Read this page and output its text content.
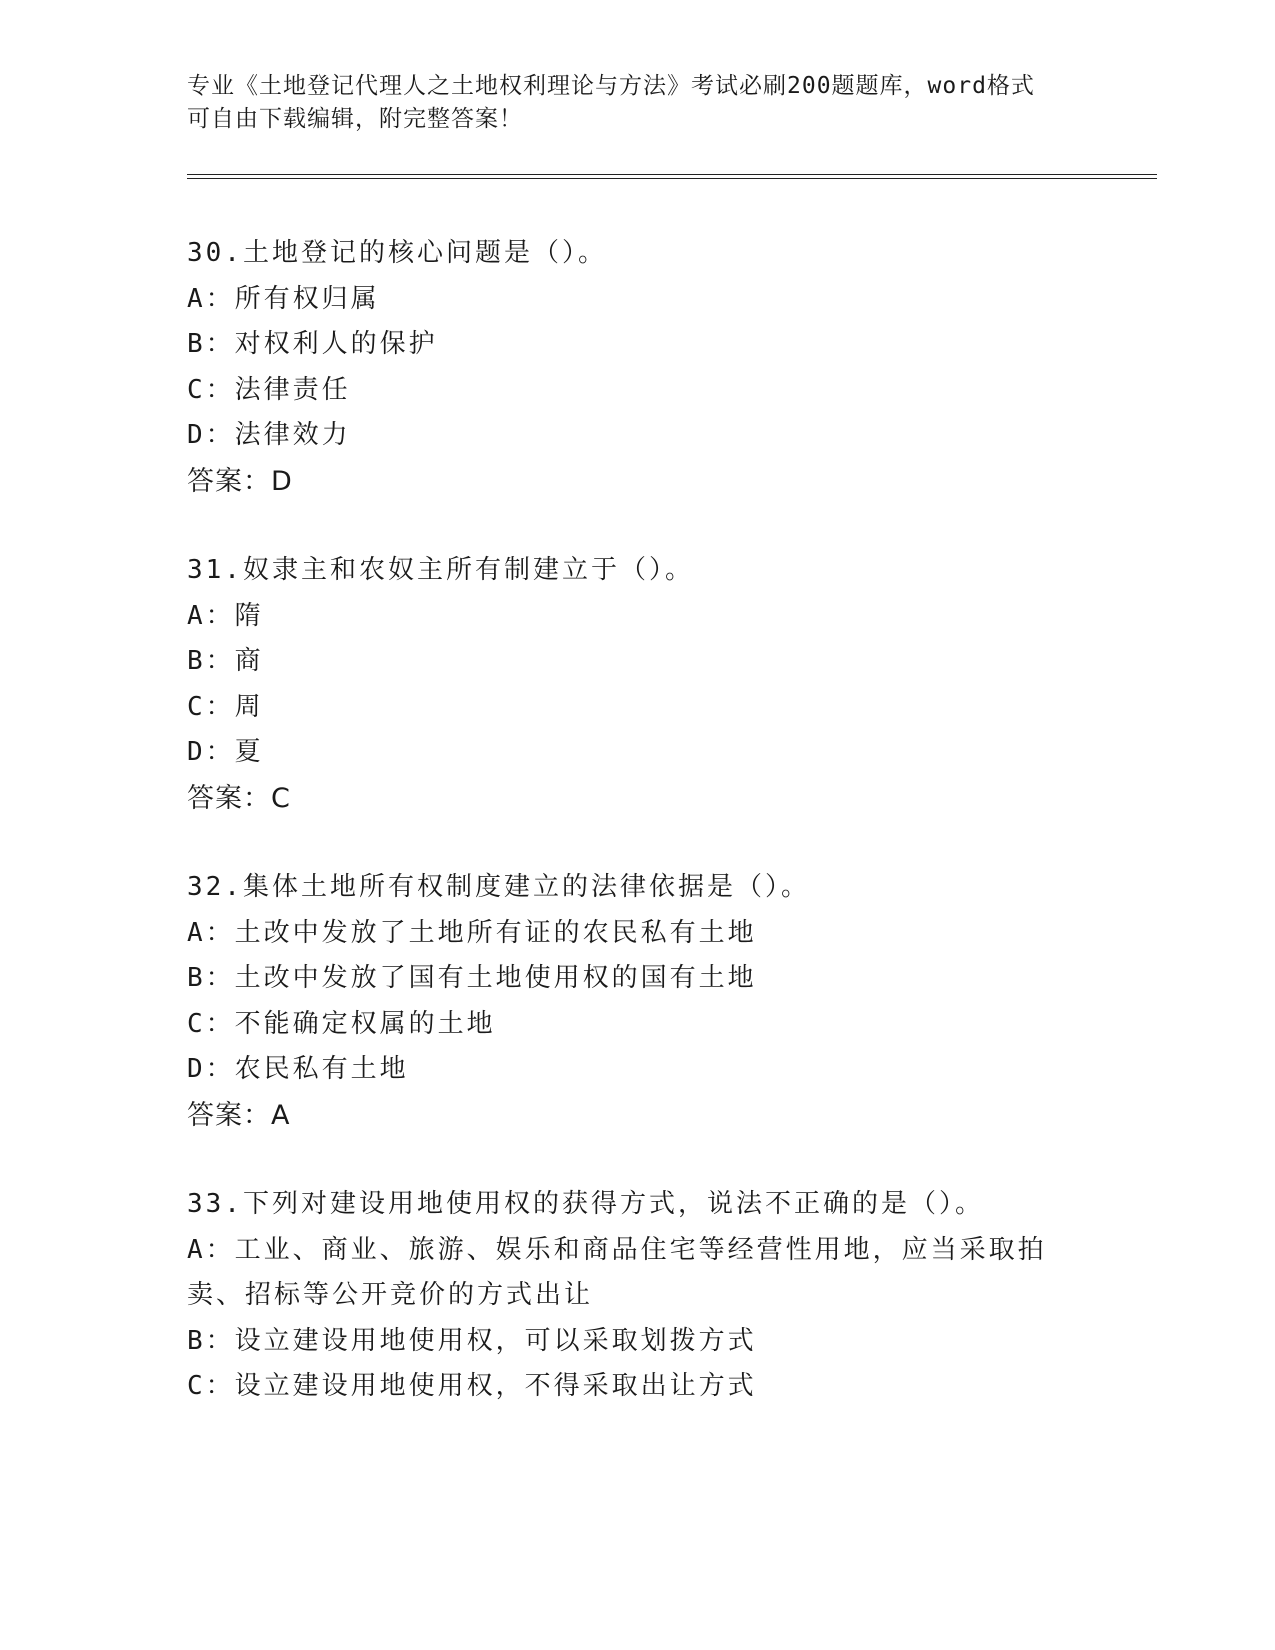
专业《土地登记代理人之土地权利理论与方法》考试必刷200题题库，word格式
可自由下载编辑，附完整答案！
30.土地登记的核心问题是（）。
A：所有权归属
B：对权利人的保护
C：法律责任
D：法律效力
答案：D
31.奴隶主和农奴主所有制建立于（）。
A：隋
B：商
C：周
D：夏
答案：C
32.集体土地所有权制度建立的法律依据是（）。
A：土改中发放了土地所有证的农民私有土地
B：土改中发放了国有土地使用权的国有土地
C：不能确定权属的土地
D：农民私有土地
答案：A
33.下列对建设用地使用权的获得方式，说法不正确的是（）。
A：工业、商业、旅游、娱乐和商品住宅等经营性用地，应当采取拍卖、招标等公开竞价的方式出让
B：设立建设用地使用权，可以采取划拨方式
C：设立建设用地使用权，不得采取出让方式
